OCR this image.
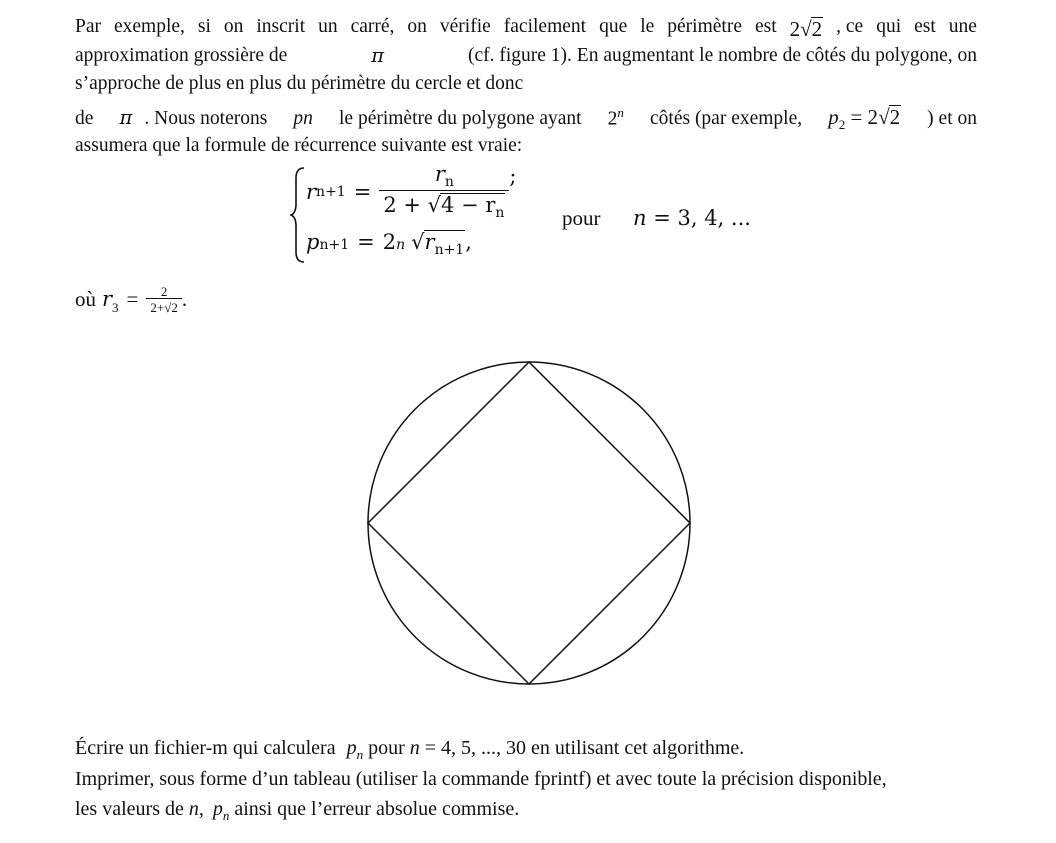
Par exemple, si on inscrit un carré, on vérifie facilement que le périmètre est 2√2 , ce qui est une
approximation grossière de	π	(cf. figure 1). En augmentant le nombre de côtés du polygone, on
s’approche de plus en plus du périmètre du cercle et donc
de π . Nous noterons pn le périmètre du polygone ayant 2$^n$ côtés (par exemple, $p_2 = 2√2$ ) et on
assumera que la formule de récurrence suivante est vraie:
r $n+1 = \frac{r_n}{2 + √4 - r_n}$ ;
p n+1 = 2 n √ $r_{n+1}$ ,
pour n = 3, 4, ...
où $r_3 = \frac{2}{2+√2}$ .
Écrire un fichier-m qui calculera $p_n$ pour n = 4, 5, ..., 30 en utilisant cet algorithme.
Imprimer, sous forme d’un tableau (utiliser la commande fprintf) et avec toute la précision disponible,
les valeurs de n, $p_n$ ainsi que l’erreur absolue commise.
